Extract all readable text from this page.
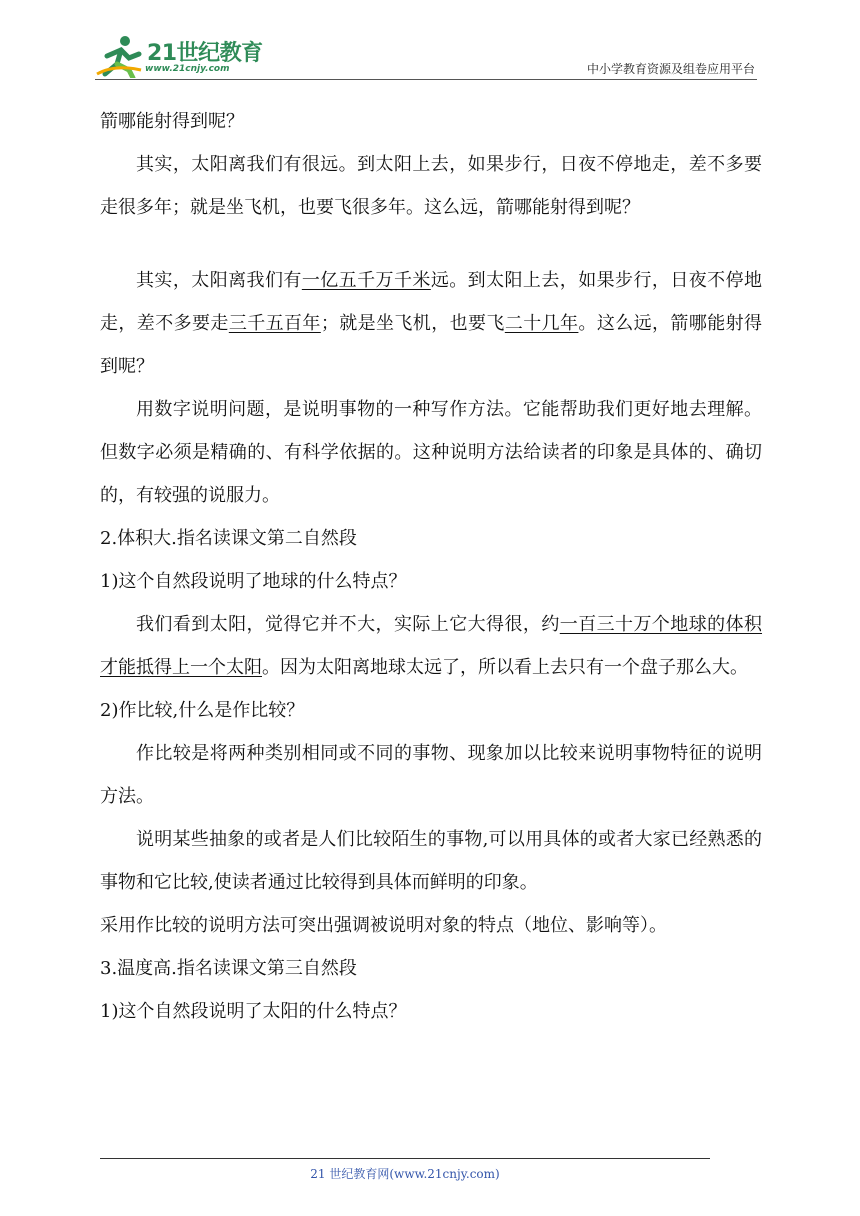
21世纪教育
www.21cnjy.com	中小学教育资源及组卷应用平台

箭哪能射得到呢？

其实，太阳离我们有很远。到太阳上去，如果步行，日夜不停地走，差不多要走很多年；就是坐飞机，也要飞很多年。这么远，箭哪能射得到呢？

其实，太阳离我们有一亿五千万千米远。到太阳上去，如果步行，日夜不停地走，差不多要走三千五百年；就是坐飞机，也要飞二十几年。这么远，箭哪能射得到呢？

用数字说明问题，是说明事物的一种写作方法。它能帮助我们更好地去理解。但数字必须是精确的、有科学依据的。这种说明方法给读者的印象是具体的、确切的，有较强的说服力。

2.体积大.指名读课文第二自然段

1)这个自然段说明了地球的什么特点？

我们看到太阳，觉得它并不大，实际上它大得很，约一百三十万个地球的体积才能抵得上一个太阳。因为太阳离地球太远了，所以看上去只有一个盘子那么大。

2)作比较,什么是作比较？

作比较是将两种类别相同或不同的事物、现象加以比较来说明事物特征的说明方法。

说明某些抽象的或者是人们比较陌生的事物,可以用具体的或者大家已经熟悉的事物和它比较,使读者通过比较得到具体而鲜明的印象。

采用作比较的说明方法可突出强调被说明对象的特点（地位、影响等）。

3.温度高.指名读课文第三自然段

1)这个自然段说明了太阳的什么特点？

21 世纪教育网(www.21cnjy.com)
